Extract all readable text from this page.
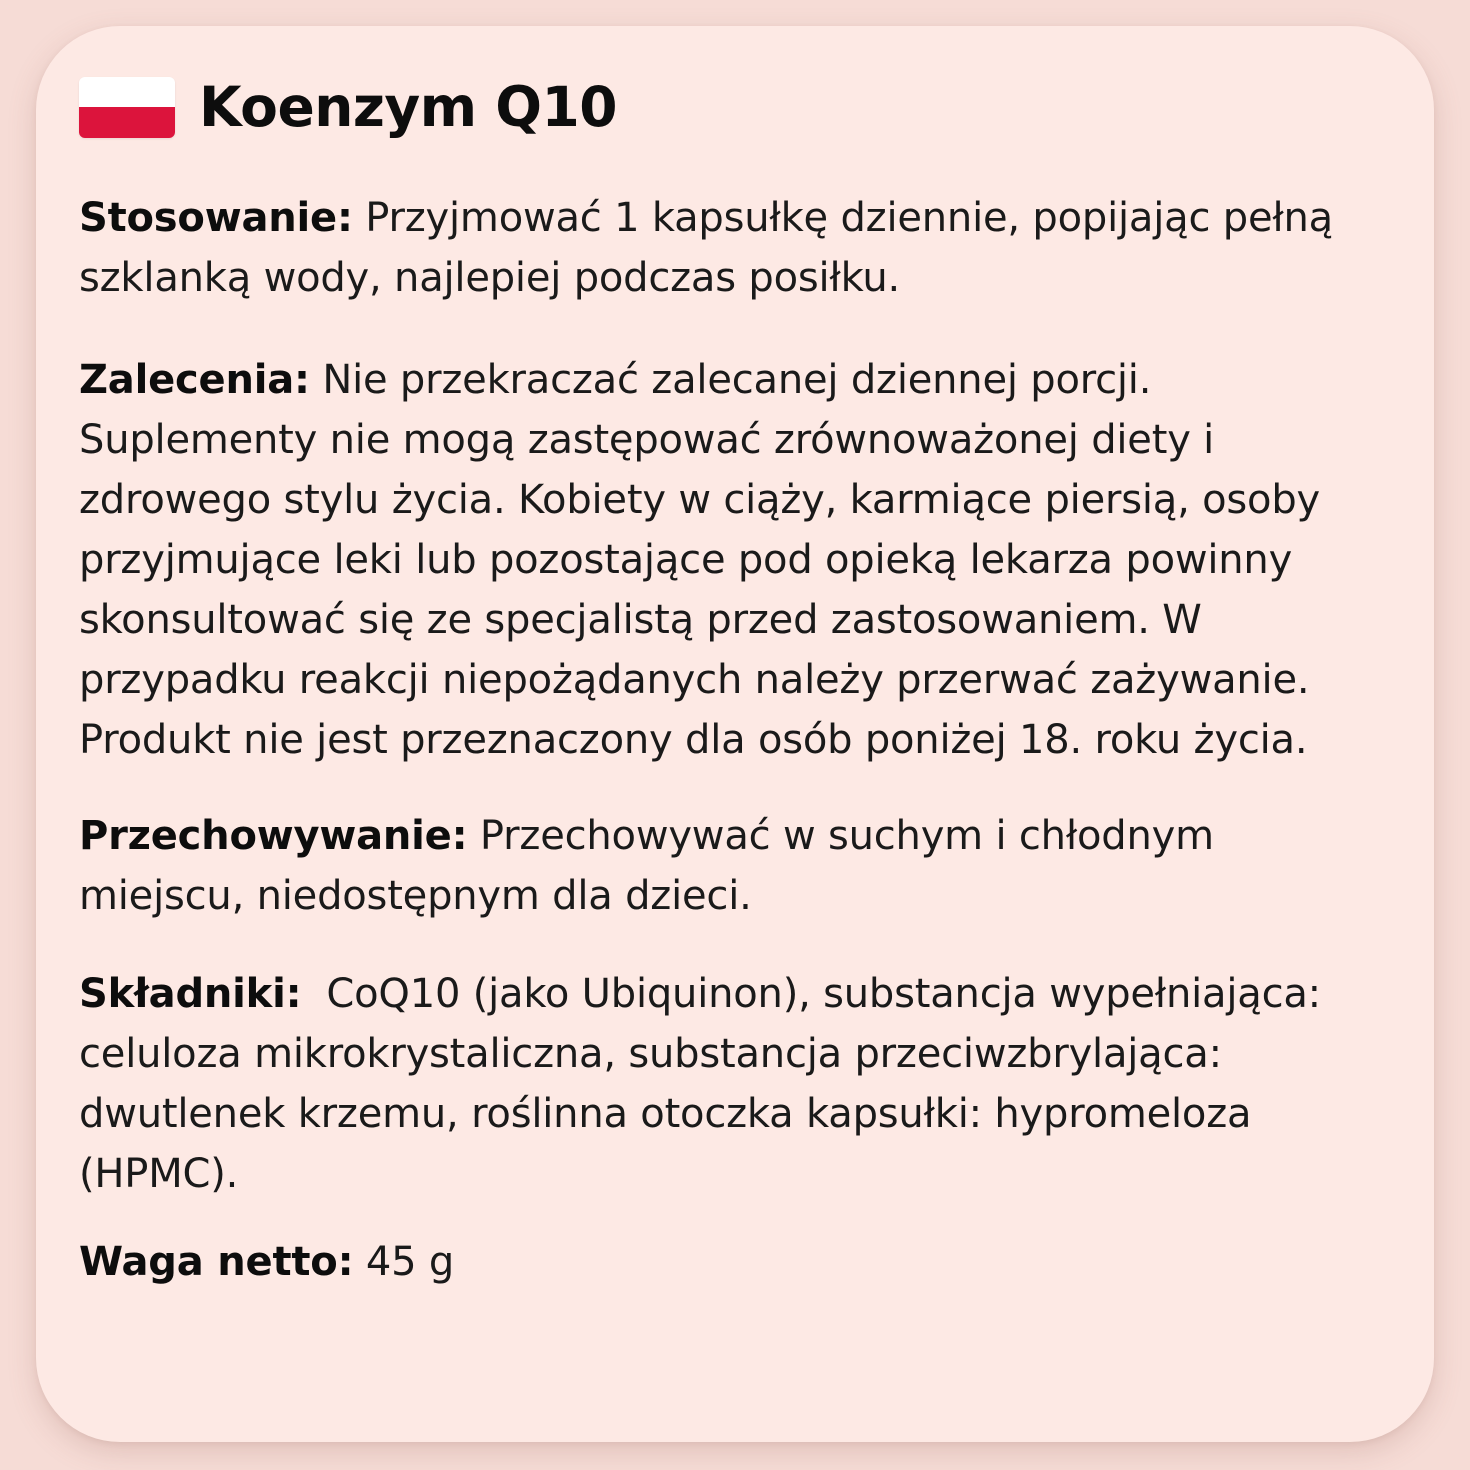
Koenzym Q10

Stosowanie: Przyjmować 1 kapsułkę dziennie, popijając pełną szklanką wody, najlepiej podczas posiłku.

Zalecenia: Nie przekraczać zalecanej dziennej porcji. Suplementy nie mogą zastępować zrównoważonej diety i zdrowego stylu życia. Kobiety w ciąży, karmiące piersią, osoby przyjmujące leki lub pozostające pod opieką lekarza powinny skonsultować się ze specjalistą przed zastosowaniem. W przypadku reakcji niepożądanych należy przerwać zażywanie. Produkt nie jest przeznaczony dla osób poniżej 18. roku życia.

Przechowywanie: Przechowywać w suchym i chłodnym miejscu, niedostępnym dla dzieci.

Składniki:  CoQ10 (jako Ubiquinon), substancja wypełniająca: celuloza mikrokrystaliczna, substancja przeciwzbrylająca: dwutlenek krzemu, roślinna otoczka kapsułki: hypromeloza (HPMC).

Waga netto: 45 g
